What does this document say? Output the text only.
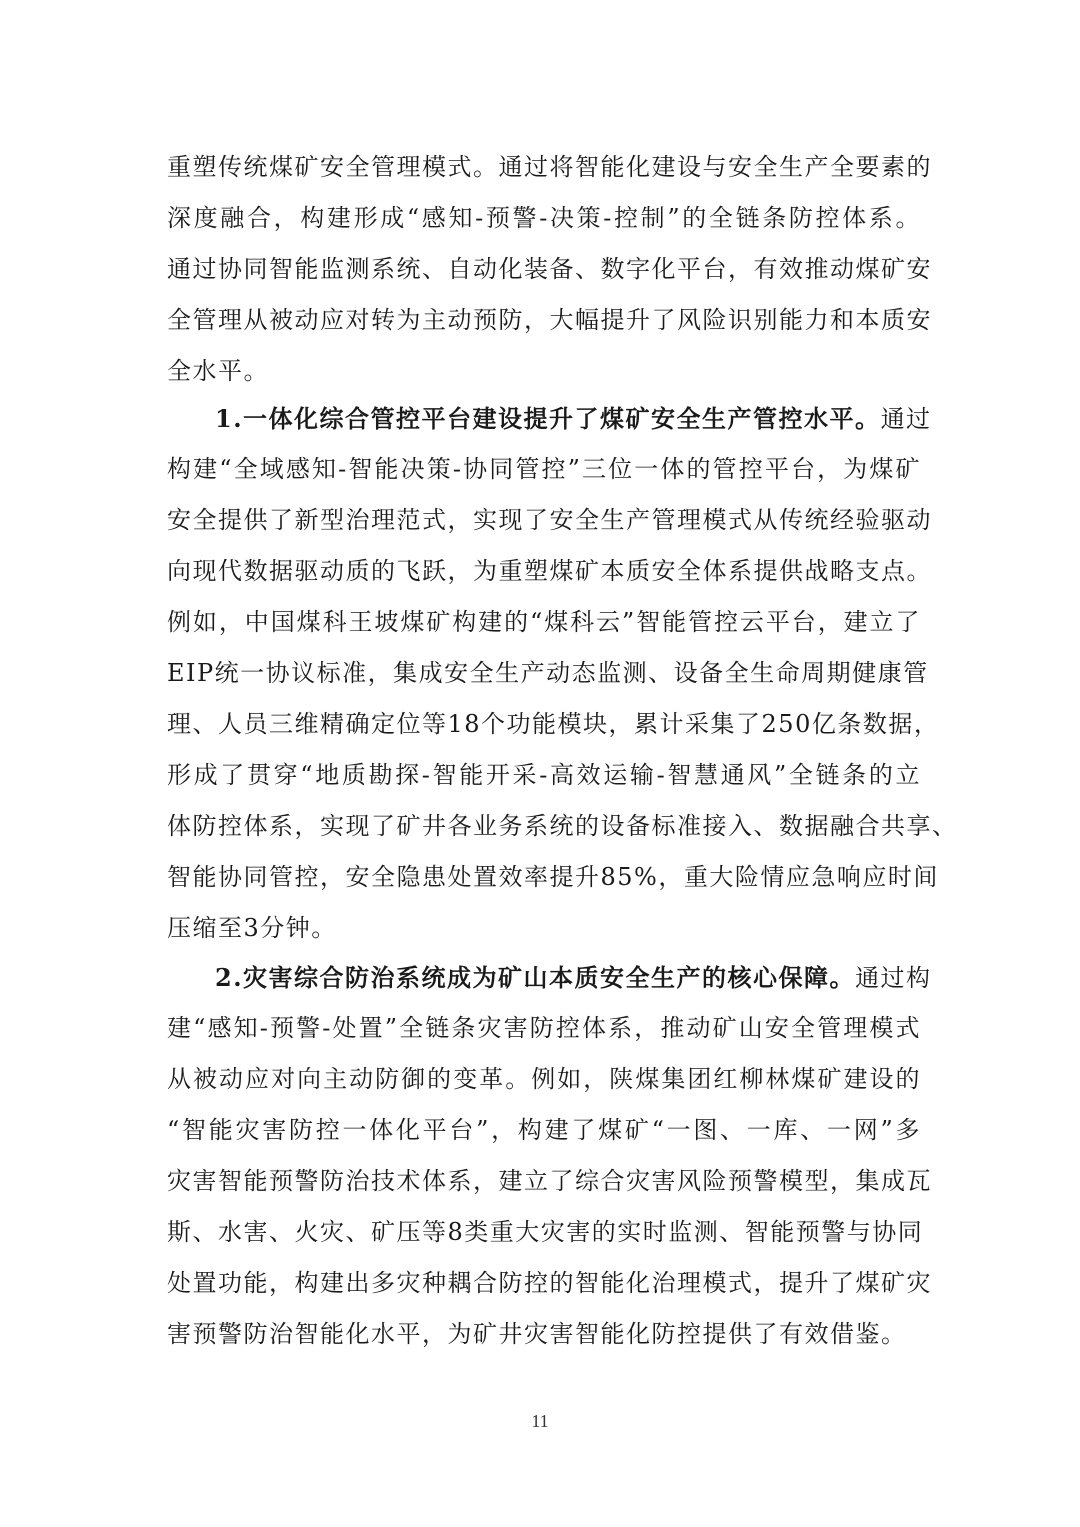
重塑传统煤矿安全管理模式。通过将智能化建设与安全生产全要素的
深度融合，构建形成“感知-预警-决策-控制”的全链条防控体系。
通过协同智能监测系统、自动化装备、数字化平台，有效推动煤矿安
全管理从被动应对转为主动预防，大幅提升了风险识别能力和本质安
全水平。
1.一体化综合管控平台建设提升了煤矿安全生产管控水平。通过
构建“全域感知-智能决策-协同管控”三位一体的管控平台，为煤矿
安全提供了新型治理范式，实现了安全生产管理模式从传统经验驱动
向现代数据驱动质的飞跃，为重塑煤矿本质安全体系提供战略支点。
例如，中国煤科王坡煤矿构建的“煤科云”智能管控云平台，建立了
EIP统一协议标准，集成安全生产动态监测、设备全生命周期健康管
理、人员三维精确定位等18个功能模块，累计采集了250亿条数据，
形成了贯穿“地质勘探-智能开采-高效运输-智慧通风”全链条的立
体防控体系，实现了矿井各业务系统的设备标准接入、数据融合共享、
智能协同管控，安全隐患处置效率提升85%，重大险情应急响应时间
压缩至3分钟。
2.灾害综合防治系统成为矿山本质安全生产的核心保障。通过构
建“感知-预警-处置”全链条灾害防控体系，推动矿山安全管理模式
从被动应对向主动防御的变革。例如，陕煤集团红柳林煤矿建设的
“智能灾害防控一体化平台”，构建了煤矿“一图、一库、一网”多
灾害智能预警防治技术体系，建立了综合灾害风险预警模型，集成瓦
斯、水害、火灾、矿压等8类重大灾害的实时监测、智能预警与协同
处置功能，构建出多灾种耦合防控的智能化治理模式，提升了煤矿灾
害预警防治智能化水平，为矿井灾害智能化防控提供了有效借鉴。
11
